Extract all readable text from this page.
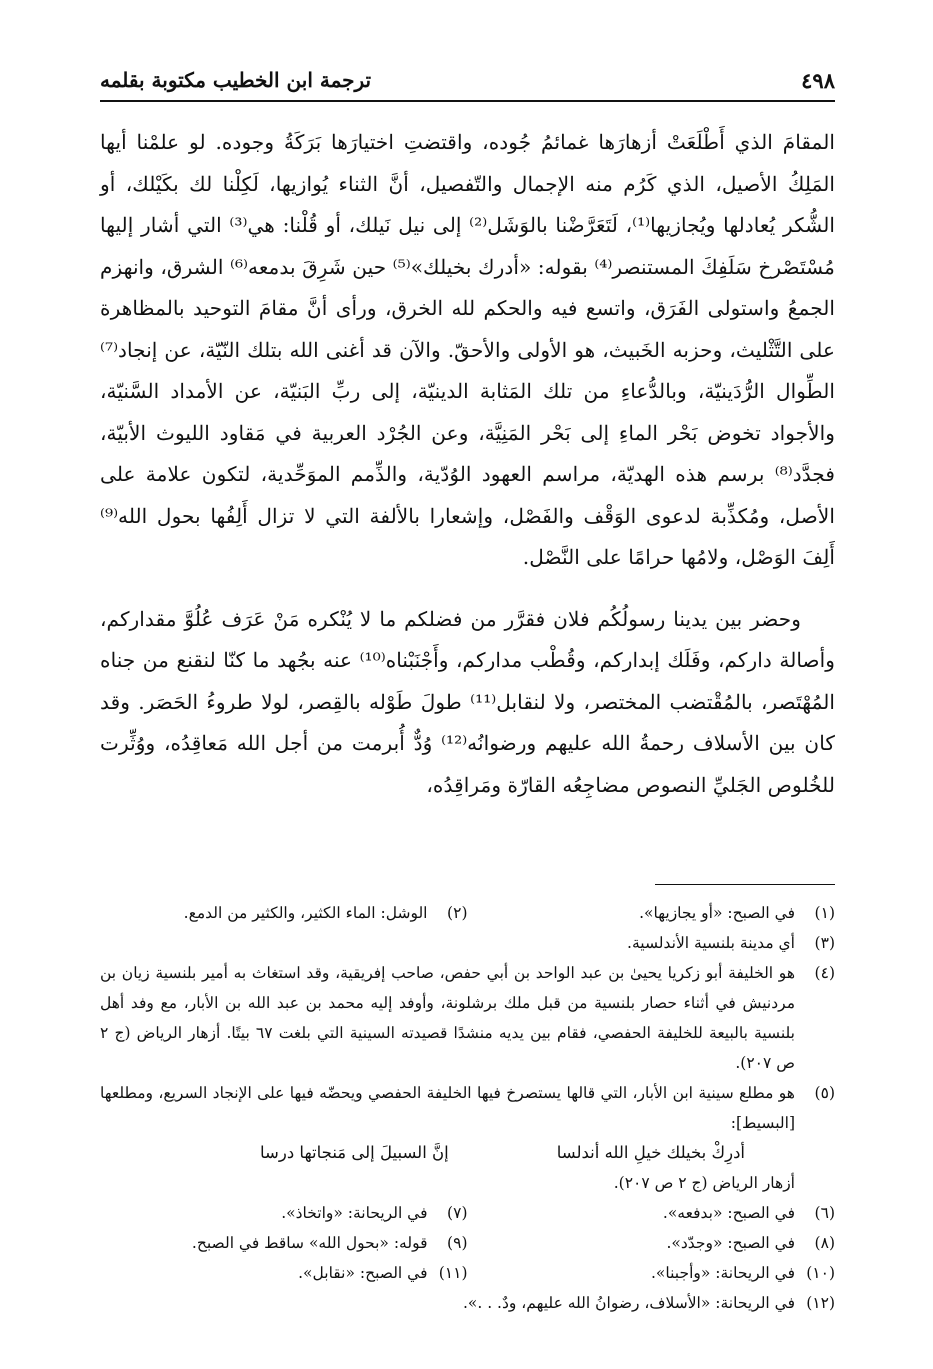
٤٩٨
ترجمة ابن الخطيب مكتوبة بقلمه

المقامَ الذي أَطْلَعَتْ أزهارَها غمائمُ جُوده، واقتضتِ اختيارَها بَرَكَةُ وجوده. لو علمْنا أيها المَلِكُ الأصيل، الذي كَرُم منه الإجمال والتّفصيل، أنَّ الثناء يُوازيها، لَكِلْنا لك بكَيْلك، أو الشُّكر يُعادلها ويُجازيها⁽¹⁾، لَتَعَرَّضْنا بالوَشَل⁽²⁾ إلى نيل نَيلك، أو قُلْنا: هي⁽³⁾ التي أشار إليها مُسْتَصْرخ سَلَفِكَ المستنصر⁽⁴⁾ بقوله: «أدرك بخيلك»⁽⁵⁾ حين شَرِقَ بدمعه⁽⁶⁾ الشرق، وانهزم الجمعُ واستولى الفَرَق، واتسع فيه والحكم لله الخرق، ورأى أنَّ مقامَ التوحيد بالمظاهرة على التَّثْليث، وحزبه الخَبيث، هو الأولى والأحقّ. والآن قد أغنى الله بتلك النّيّة، عن إنجاد⁽⁷⁾ الطِّوال الرُّدَينيّة، وبالدُّعاءِ من تلك المَثابة الدينيّة، إلى ربِّ البَنيّة، عن الأمداد السَّنيّة، والأجواد تخوض بَحْر الماءِ إلى بَحْر المَنِيَّة، وعن الجُرْد العربية في مَقاود الليوث الأبيّة، فجدَّد⁽⁸⁾ برسم هذه الهديّة، مراسم العهود الوُدّية، والذِّمم الموَحِّدية، لتكون علامة على الأصل، ومُكذِّبة لدعوى الوَقْف والفَصْل، وإشعارا بالألفة التي لا تزال أَلِفُها بحول الله⁽⁹⁾ أَلِفَ الوَصْل، ولامُها حرامًا على النَّصْل.

وحضر بين يدينا رسولُكُم فلان فقرَّر من فضلكم ما لا يُنْكره مَنْ عَرَف عُلُوَّ مقداركم، وأصالة داركم، وفَلَك إبداركم، وقُطْب مداركم، وأَجْنَبْناه⁽¹⁰⁾ عنه بجُهد ما كنّا لنقنع من جناه المُهْتَصر، بالمُقْتضب المختصر، ولا لنقابل⁽¹¹⁾ طولَ طَوْله بالقِصر، لولا طروءُ الحَصَر. وقد كان بين الأسلاف رحمةُ الله عليهم ورضوانُه⁽¹²⁾ وُدٌّ أُبرمت من أجل الله مَعاقِدُه، ووُثِّرت للخُلوص الجَليِّ النصوص مضاجِعُه القارّة ومَراقِدُه،

(١)
في الصبح: «أو يجازيها».
(٢)
الوشل: الماء الكثير، والكثير من الدمع.
(٣)
أي مدينة بلنسية الأندلسية.
(٤)
هو الخليفة أبو زكريا يحيىٰ بن عبد الواحد بن أبي حفص، صاحب إفريقية، وقد استغاث به أمير بلنسية زيان بن مردنيش في أثناء حصار بلنسية من قبل ملك برشلونة، وأوفد إليه محمد بن عبد الله بن الأبار، مع وفد أهل بلنسية بالبيعة للخليفة الحفصي، فقام بين يديه منشدًا قصيدته السينية التي بلغت ٦٧ بيتًا. أزهار الرياض (ج ٢ ص ٢٠٧).
(٥)
هو مطلع سينية ابن الأبار، التي قالها يستصرخ فيها الخليفة الحفصي ويحضّه فيها على الإنجاد السريع، ومطلعها [البسيط]:
أدرِكْ بخيلك خيلِ الله أندلسا
إنَّ السبيلَ إلى مَنجاتها درسا
أزهار الرياض (ج ٢ ص ٢٠٧).
(٦)
في الصبح: «بدفعه».
(٧)
في الريحانة: «واتخاذ».
(٨)
في الصبح: «وجدّد».
(٩)
قوله: «بحول الله» ساقط في الصبح.
(١٠)
في الريحانة: «وأجبنا».
(١١)
في الصبح: «نقابل».
(١٢)
في الريحانة: «الأسلاف، رضوانُ الله عليهم، ودٌ. . .».
